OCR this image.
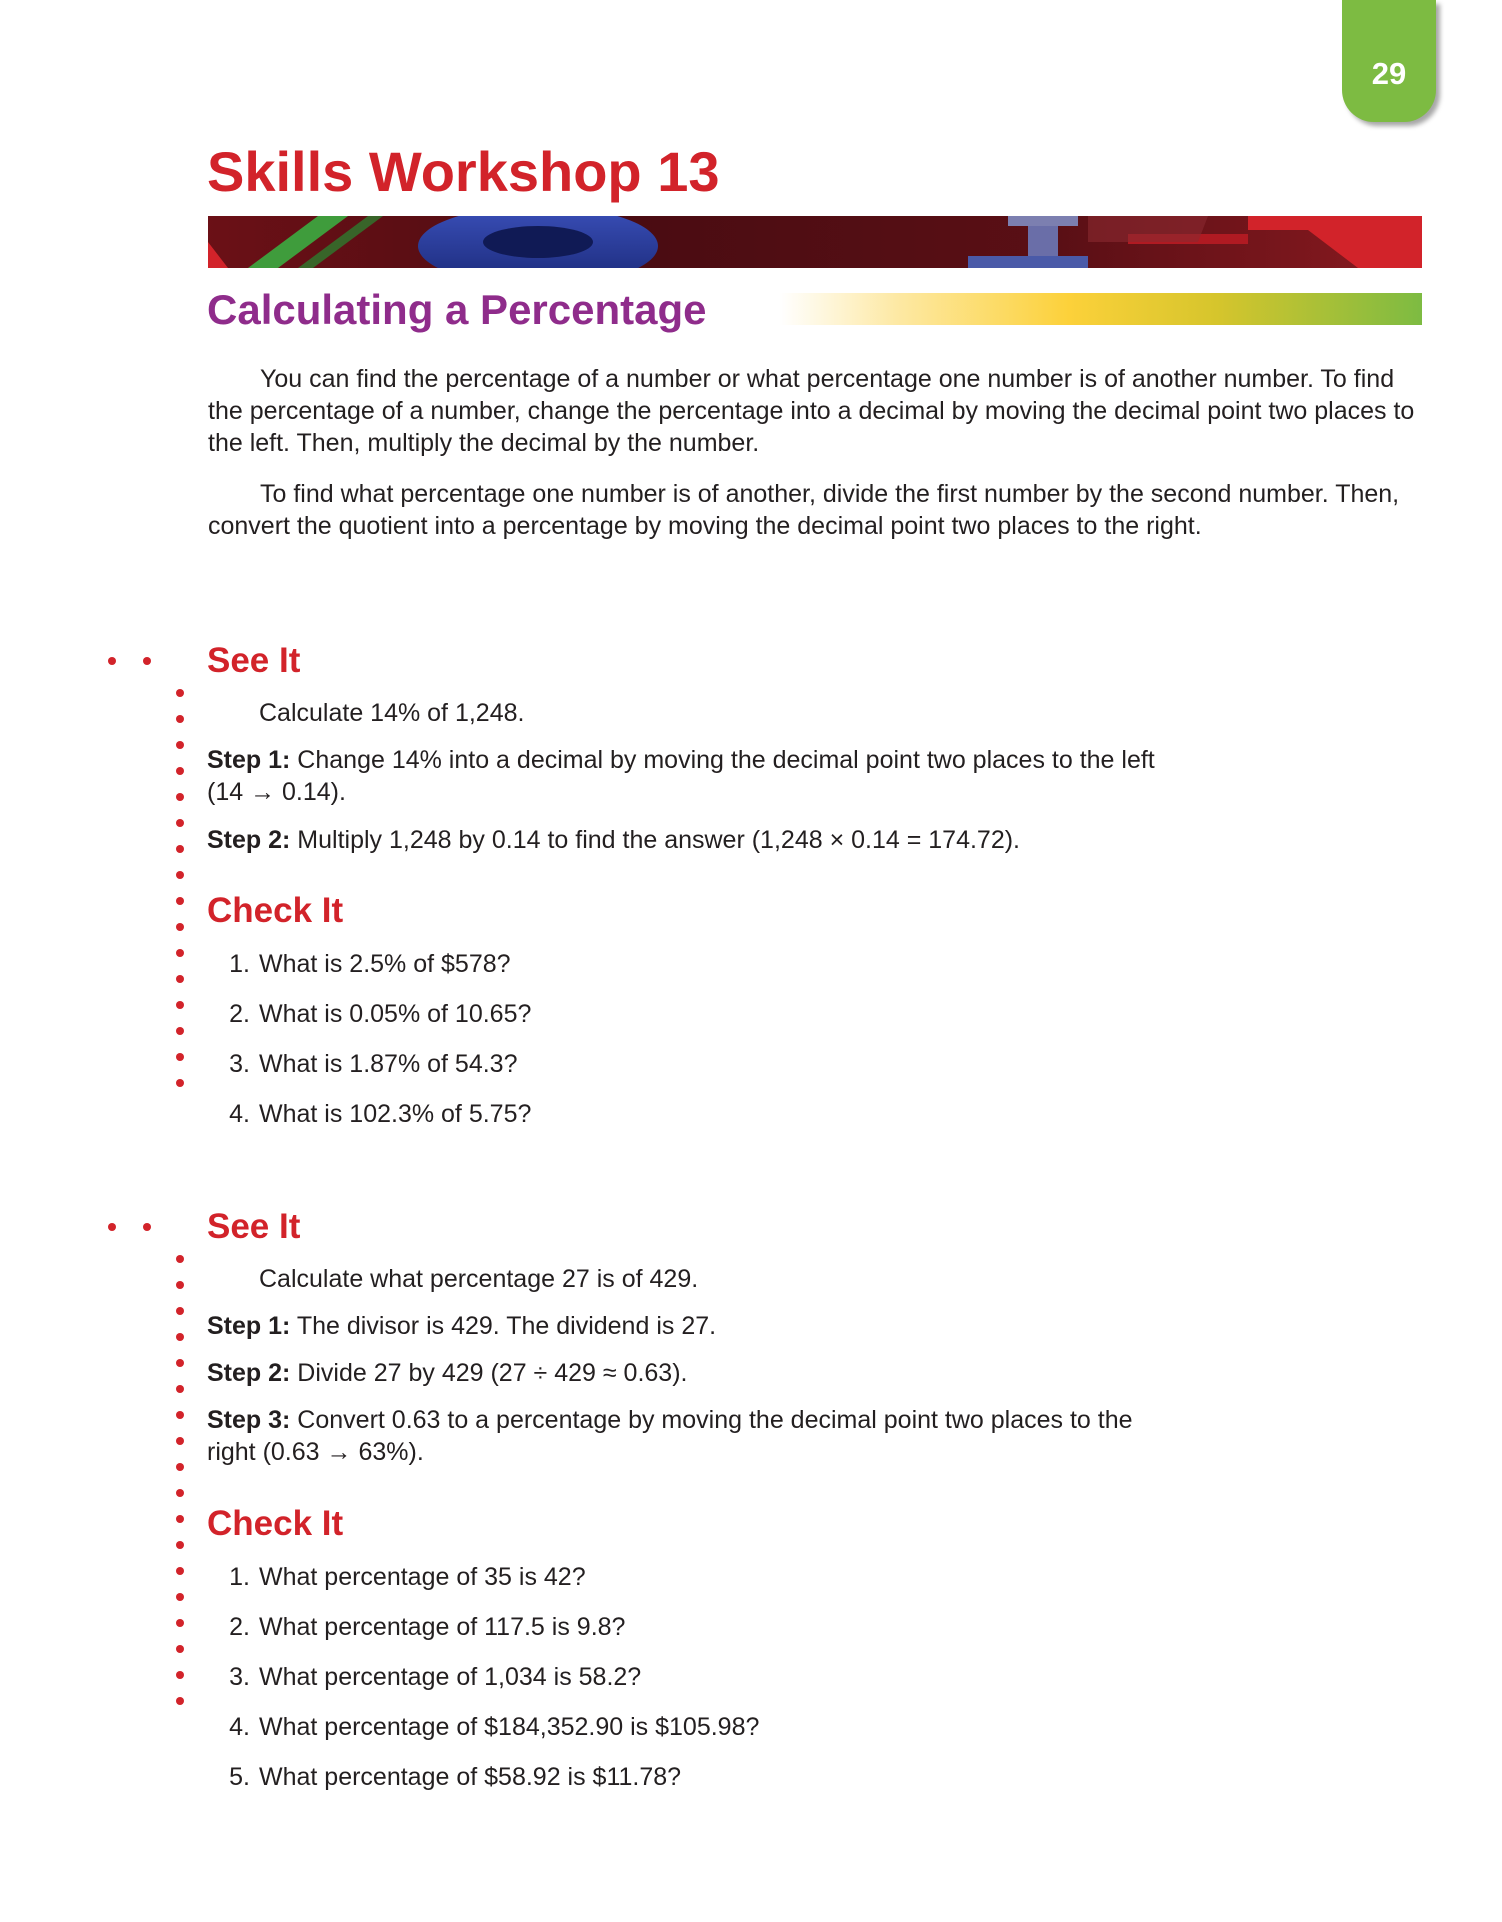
29
Skills Workshop 13
Calculating a Percentage

You can find the percentage of a number or what percentage one number is of another number. To find the percentage of a number, change the percentage into a decimal by moving the decimal point two places to the left. Then, multiply the decimal by the number.

To find what percentage one number is of another, divide the first number by the second number. Then, convert the quotient into a percentage by moving the decimal point two places to the right.

See It
Calculate 14% of 1,248.
Step 1: Change 14% into a decimal by moving the decimal point two places to the left (14 → 0.14).
Step 2: Multiply 1,248 by 0.14 to find the answer (1,248 × 0.14 = 174.72).
Check It
1. What is 2.5% of $578?
2. What is 0.05% of 10.65?
3. What is 1.87% of 54.3?
4. What is 102.3% of 5.75?
See It
Calculate what percentage 27 is of 429.
Step 1: The divisor is 429. The dividend is 27.
Step 2: Divide 27 by 429 (27 ÷ 429 ≈ 0.63).
Step 3: Convert 0.63 to a percentage by moving the decimal point two places to the right (0.63 → 63%).
Check It
1. What percentage of 35 is 42?
2. What percentage of 117.5 is 9.8?
3. What percentage of 1,034 is 58.2?
4. What percentage of $184,352.90 is $105.98?
5. What percentage of $58.92 is $11.78?
